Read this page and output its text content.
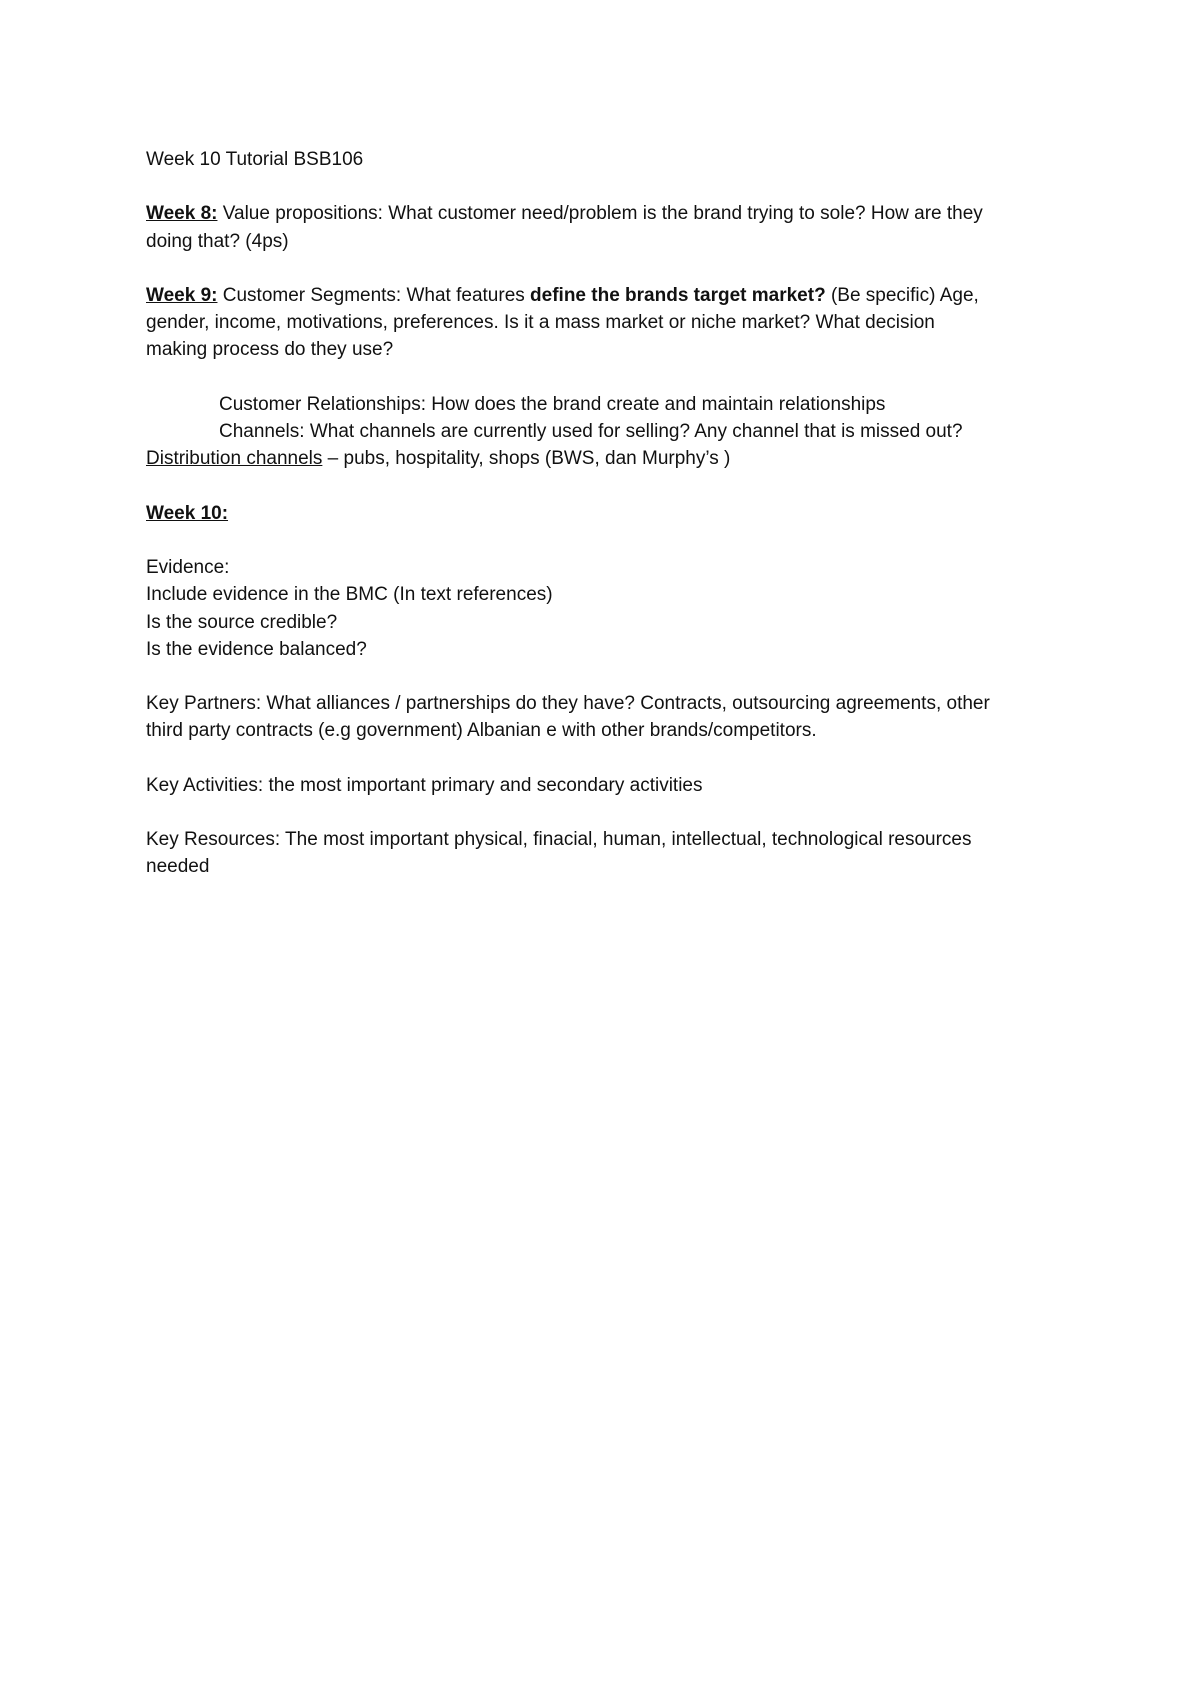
Week 10 Tutorial BSB106

Week 8: Value propositions: What customer need/problem is the brand trying to sole? How are they

doing that? (4ps)

Week 9: Customer Segments: What features define the brands target market? (Be specific) Age,

gender, income, motivations, preferences. Is it a mass market or niche market? What decision

making process do they use?

Customer Relationships: How does the brand create and maintain relationships

Channels: What channels are currently used for selling? Any channel that is missed out?

Distribution channels – pubs, hospitality, shops (BWS, dan Murphy’s )

Week 10:

Evidence:

Include evidence in the BMC (In text references)

Is the source credible?

Is the evidence balanced?

Key Partners: What alliances / partnerships do they have? Contracts, outsourcing agreements, other

third party contracts (e.g government) Albanian e with other brands/competitors.

Key Activities: the most important primary and secondary activities

Key Resources: The most important physical, finacial, human, intellectual, technological resources

needed
